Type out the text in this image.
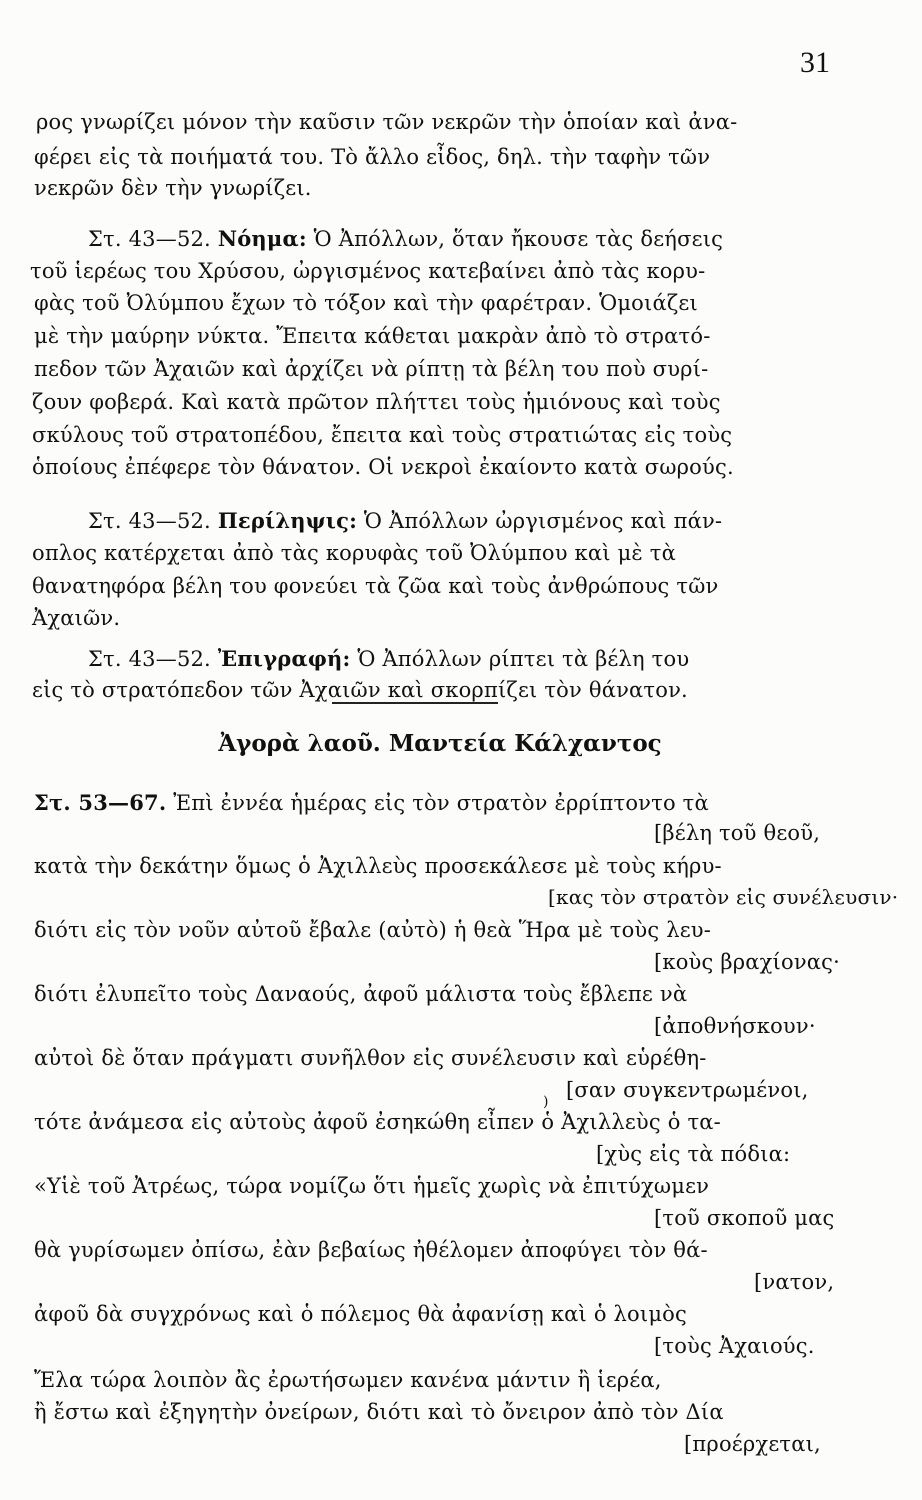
31
ρος γνωρίζει μόνον τὴν καῦσιν τῶν νεκρῶν τὴν ὁποίαν καὶ ἀνα-
φέρει εἰς τὰ ποιήματά του. Τὸ ἄλλο εἶδος, δηλ. τὴν ταφὴν τῶν
νεκρῶν δὲν τὴν γνωρίζει.
Στ. 43—52. Νόημα: Ὁ Ἀπόλλων, ὅταν ἤκουσε τὰς δεήσεις
τοῦ ἱερέως του Χρύσου, ὠργισμένος κατεβαίνει ἀπὸ τὰς κορυ-
φὰς τοῦ Ὀλύμπου ἔχων τὸ τόξον καὶ τὴν φαρέτραν. Ὁμοιάζει
μὲ τὴν μαύρην νύκτα. Ἔπειτα κάθεται μακρὰν ἀπὸ τὸ στρατό-
πεδον τῶν Ἀχαιῶν καὶ ἀρχίζει νὰ ρίπτῃ τὰ βέλη του ποὺ συρί-
ζουν φοβερά. Καὶ κατὰ πρῶτον πλήττει τοὺς ἡμιόνους καὶ τοὺς
σκύλους τοῦ στρατοπέδου, ἔπειτα καὶ τοὺς στρατιώτας εἰς τοὺς
ὁποίους ἐπέφερε τὸν θάνατον. Οἱ νεκροὶ ἐκαίοντο κατὰ σωρούς.
Στ. 43—52. Περίληψις: Ὁ Ἀπόλλων ὠργισμένος καὶ πάν-
οπλος κατέρχεται ἀπὸ τὰς κορυφὰς τοῦ Ὀλύμπου καὶ μὲ τὰ
θανατηφόρα βέλη του φονεύει τὰ ζῶα καὶ τοὺς ἀνθρώπους τῶν
Ἀχαιῶν.
Στ. 43—52. Ἐπιγραφή: Ὁ Ἀπόλλων ρίπτει τὰ βέλη του
εἰς τὸ στρατόπεδον τῶν Ἀχαιῶν καὶ σκορπίζει τὸν θάνατον.
Ἀγορὰ λαοῦ. Μαντεία Κάλχαντος
Στ. 53—67. Ἐπὶ ἐννέα ἡμέρας εἰς τὸν στρατὸν ἐρρίπτοντο τὰ
[βέλη τοῦ θεοῦ,
κατὰ τὴν δεκάτην ὅμως ὁ Ἀχιλλεὺς προσεκάλεσε μὲ τοὺς κήρυ-
[κας τὸν στρατὸν εἰς συνέλευσιν·
διότι εἰς τὸν νοῦν αὐτοῦ ἔβαλε (αὐτὸ) ἡ θεὰ Ἥρα μὲ τοὺς λευ-
[κοὺς βραχίονας·
διότι ἐλυπεῖτο τοὺς Δαναούς, ἀφοῦ μάλιστα τοὺς ἔβλεπε νὰ
[ἀποθνήσκουν·
αὐτοὶ δὲ ὅταν πράγματι συνῆλθον εἰς συνέλευσιν καὶ εὑρέθη-
[σαν συγκεντρωμένοι,
τότε ἀνάμεσα εἰς αὐτοὺς ἀφοῦ ἐσηκώθη εἶπεν ὁ Ἀχιλλεὺς ὁ τα-
)
[χὺς εἰς τὰ πόδια:
«Υἱὲ τοῦ Ἀτρέως, τώρα νομίζω ὅτι ἡμεῖς χωρὶς νὰ ἐπιτύχωμεν
[τοῦ σκοποῦ μας
θὰ γυρίσωμεν ὀπίσω, ἐὰν βεβαίως ἠθέλομεν ἀποφύγει τὸν θά-
[νατον,
ἀφοῦ δὰ συγχρόνως καὶ ὁ πόλεμος θὰ ἀφανίσῃ καὶ ὁ λοιμὸς
[τοὺς Ἀχαιούς.
Ἔλα τώρα λοιπὸν ἂς ἐρωτήσωμεν κανένα μάντιν ἢ ἱερέα,
ἢ ἔστω καὶ ἐξηγητὴν ὀνείρων, διότι καὶ τὸ ὄνειρον ἀπὸ τὸν Δία
[προέρχεται,
